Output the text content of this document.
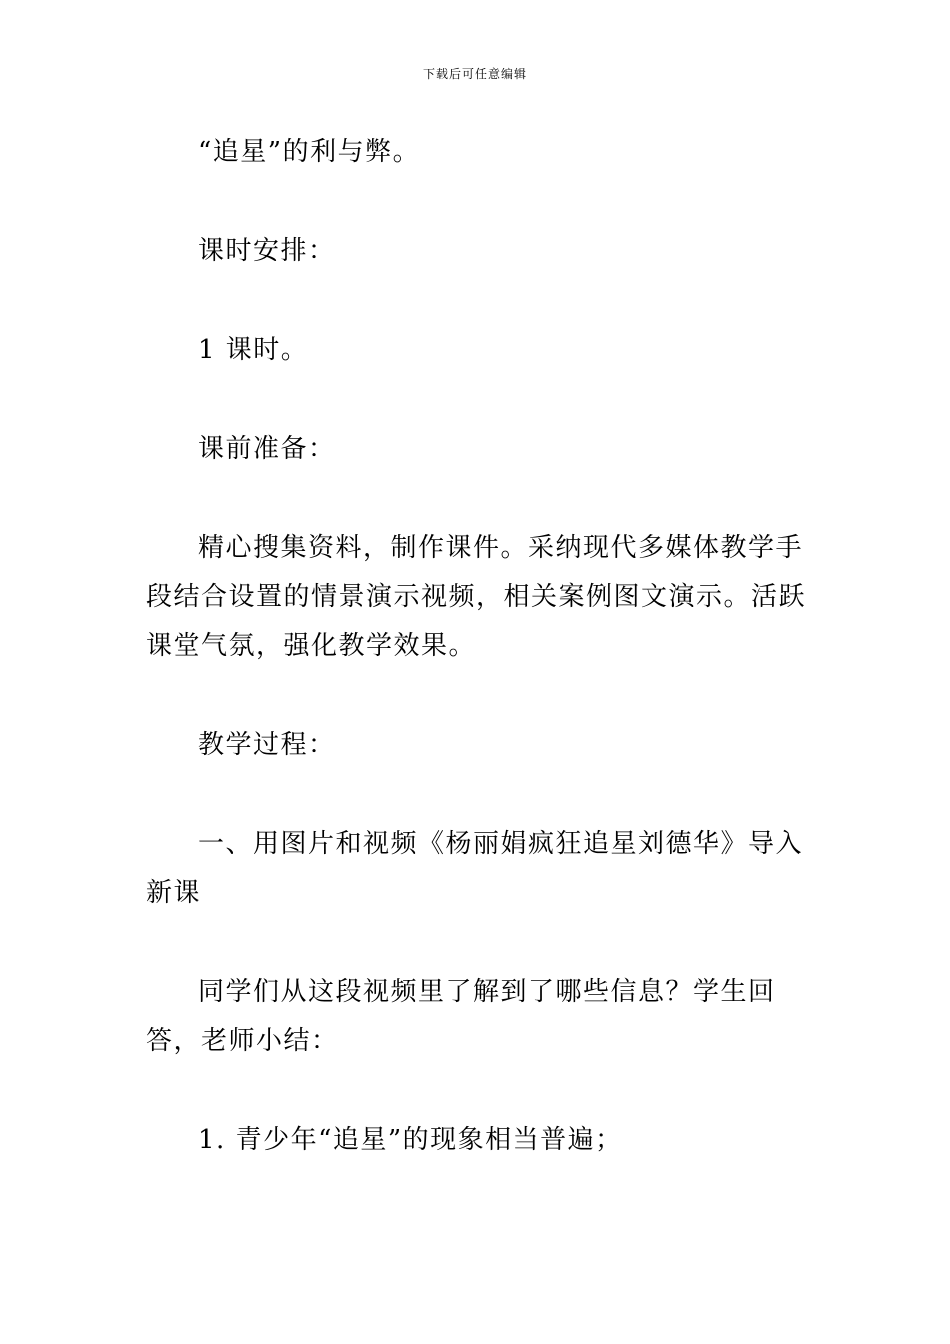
下载后可任意编辑

“追星”的利与弊。

课时安排：

1 课时。

课前准备：

精心搜集资料，制作课件。采纳现代多媒体教学手段结合设置的情景演示视频，相关案例图文演示。活跃课堂气氛，强化教学效果。

教学过程：

一、用图片和视频《杨丽娟疯狂追星刘德华》导入新课

同学们从这段视频里了解到了哪些信息？学生回答，老师小结：

1. 青少年“追星”的现象相当普遍；
